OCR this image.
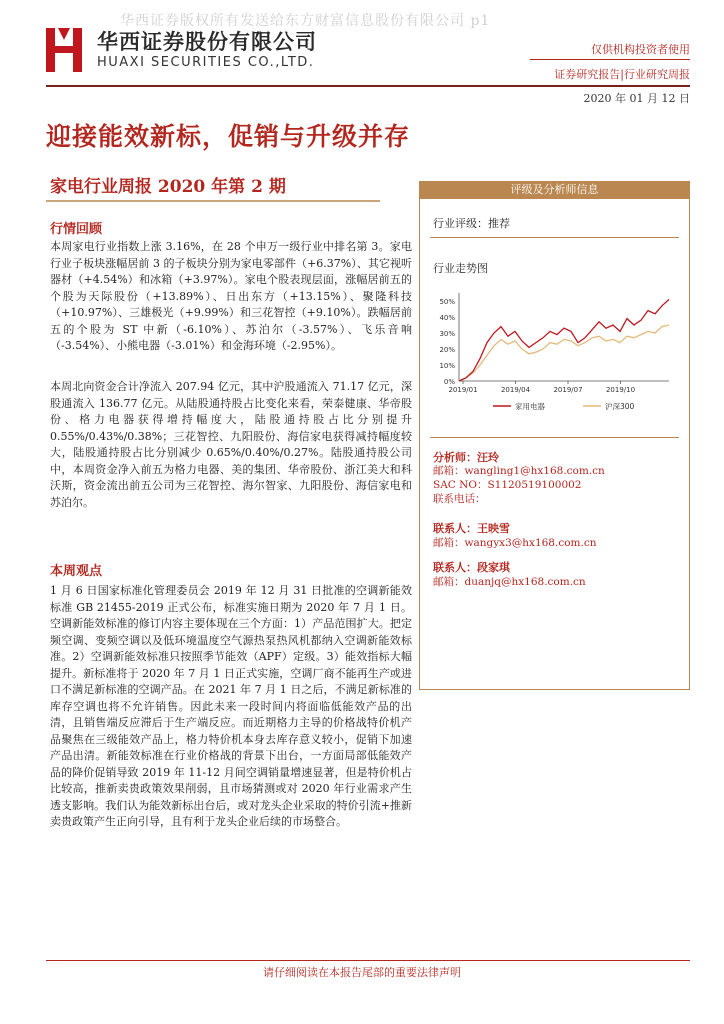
华西证券版权所有发送给东方财富信息股份有限公司 p1
华西证券股份有限公司
HUAXI SECURITIES CO.,LTD.
仅供机构投资者使用
证券研究报告|行业研究周报
2020 年 01 月 12 日
迎接能效新标，促销与升级并存
家电行业周报 2020 年第 2 期
行情回顾

本周家电行业指数上涨 3.16%，在 28 个申万一级行业中排名第 3。家电行业子板块涨幅居前 3 的子板块分别为家电零部件（+6.37%）、其它视听器材（+4.54%）和冰箱（+3.97%）。家电个股表现层面，涨幅居前五的个股为天际股份（+13.89%）、日出东方（+13.15%）、聚隆科技（+10.97%）、三雄极光（+9.99%）和三花智控（+9.10%）。跌幅居前五的个股为 ST 中新（-6.10%）、苏泊尔（-3.57%）、飞乐音响（-3.54%）、小熊电器（-3.01%）和金海环境（-2.95%）。

本周北向资金合计净流入 207.94 亿元，其中沪股通流入 71.17 亿元，深股通流入 136.77 亿元。从陆股通持股占比变化来看，荣泰健康、华帝股份、格力电器获得增持幅度大，陆股通持股占比分别提升 0.55%/0.43%/0.38%；三花智控、九阳股份、海信家电获得减持幅度较大，陆股通持股占比分别减少 0.65%/0.40%/0.27%。陆股通持股公司中，本周资金净入前五为格力电器、美的集团、华帝股份、浙江美大和科沃斯，资金流出前五公司为三花智控、海尔智家、九阳股份、海信家电和苏泊尔。

本周观点

1 月 6 日国家标准化管理委员会 2019 年 12 月 31 日批准的空调新能效标准 GB 21455-2019 正式公布，标准实施日期为 2020 年 7 月 1 日。空调新能效标准的修订内容主要体现在三个方面：1）产品范围扩大。把定频空调、变频空调以及低环境温度空气源热泵热风机都纳入空调新能效标准。2）空调新能效标准只按照季节能效（APF）定级。3）能效指标大幅提升。新标准将于 2020 年 7 月 1 日正式实施，空调厂商不能再生产或进口不满足新标准的空调产品。在 2021 年 7 月 1 日之后，不满足新标准的库存空调也将不允许销售。因此未来一段时间内将面临低能效产品的出清，且销售端反应滞后于生产端反应。而近期格力主导的价格战特价机产品聚焦在三级能效产品上，格力特价机本身去库存意义较小，促销下加速产品出清。新能效标准在行业价格战的背景下出台，一方面局部低能效产品的降价促销导致 2019 年 11-12 月间空调销量增速显著，但是特价机占比较高，推新卖贵政策效果削弱，且市场猜测或对 2020 年行业需求产生透支影响。我们认为能效新标出台后，或对龙头企业采取的特价引流+推新卖贵政策产生正向引导，且有利于龙头企业后续的市场整合。

评级及分析师信息
行业评级：推荐
行业走势图
分析师：汪玲
邮箱：wangling1@hx168.com.cn
SAC NO：S1120519100002
联系电话：
联系人：王映雪
邮箱：wangyx3@hx168.com.cn
联系人：段家琪
邮箱：duanjq@hx168.com.cn
0%
10%
20%
30%
40%
50%
2019/01	2019/04	2019/07	2019/10
家用电器	沪深300
请仔细阅读在本报告尾部的重要法律声明
